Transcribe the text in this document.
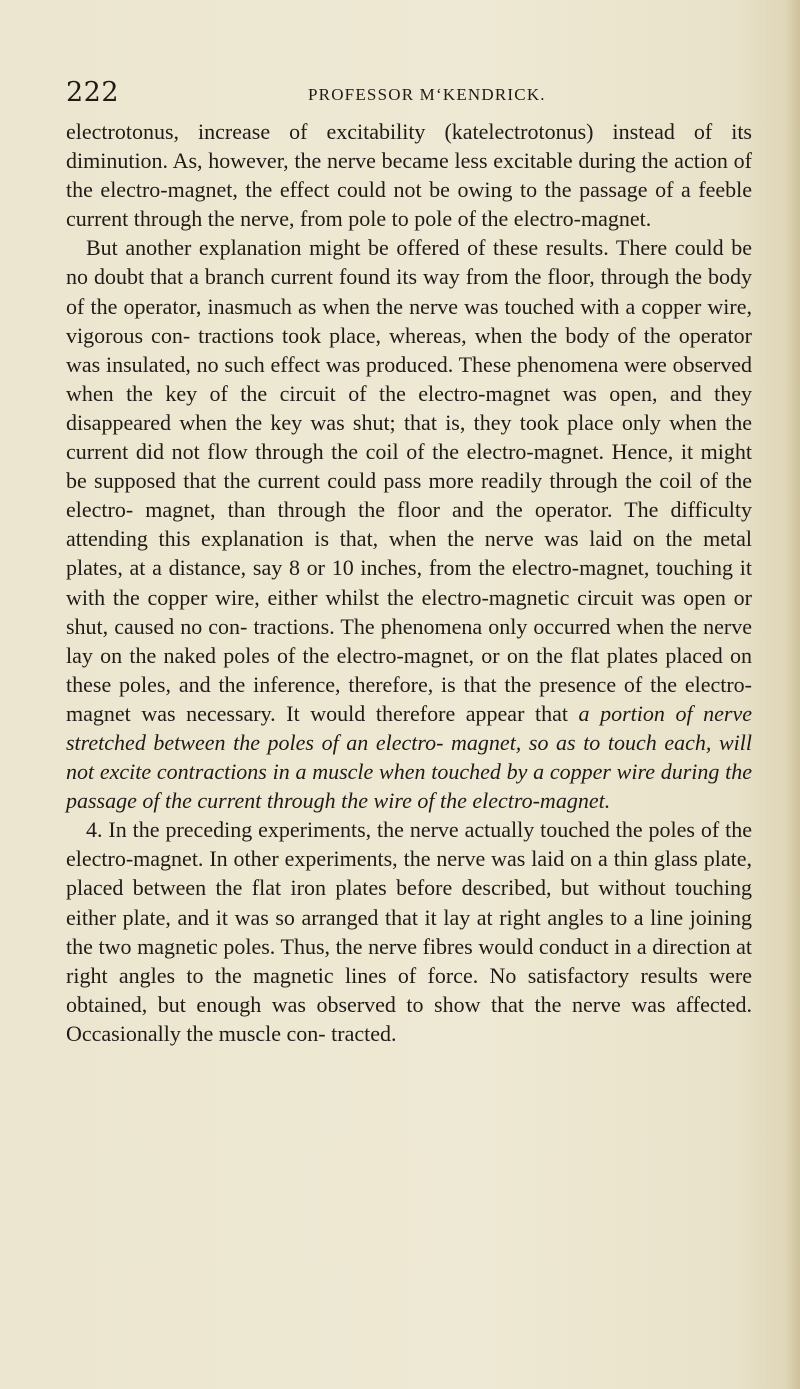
222	PROFESSOR M‘KENDRICK.

electrotonus, increase of excitability (katelectrotonus) instead of its diminution. As, however, the nerve became less excitable during the action of the electro-magnet, the effect could not be owing to the passage of a feeble current through the nerve, from pole to pole of the electro-magnet.

But another explanation might be offered of these results. There could be no doubt that a branch current found its way from the floor, through the body of the operator, inasmuch as when the nerve was touched with a copper wire, vigorous con- tractions took place, whereas, when the body of the operator was insulated, no such effect was produced. These phenomena were observed when the key of the circuit of the electro-magnet was open, and they disappeared when the key was shut; that is, they took place only when the current did not flow through the coil of the electro-magnet. Hence, it might be supposed that the current could pass more readily through the coil of the electro- magnet, than through the floor and the operator. The difficulty attending this explanation is that, when the nerve was laid on the metal plates, at a distance, say 8 or 10 inches, from the electro-magnet, touching it with the copper wire, either whilst the electro-magnetic circuit was open or shut, caused no con- tractions. The phenomena only occurred when the nerve lay on the naked poles of the electro-magnet, or on the flat plates placed on these poles, and the inference, therefore, is that the presence of the electro-magnet was necessary. It would therefore appear that a portion of nerve stretched between the poles of an electro- magnet, so as to touch each, will not excite contractions in a muscle when touched by a copper wire during the passage of the current through the wire of the electro-magnet.

4. In the preceding experiments, the nerve actually touched the poles of the electro-magnet. In other experiments, the nerve was laid on a thin glass plate, placed between the flat iron plates before described, but without touching either plate, and it was so arranged that it lay at right angles to a line joining the two magnetic poles. Thus, the nerve fibres would conduct in a direction at right angles to the magnetic lines of force. No satisfactory results were obtained, but enough was observed to show that the nerve was affected. Occasionally the muscle con- tracted.
